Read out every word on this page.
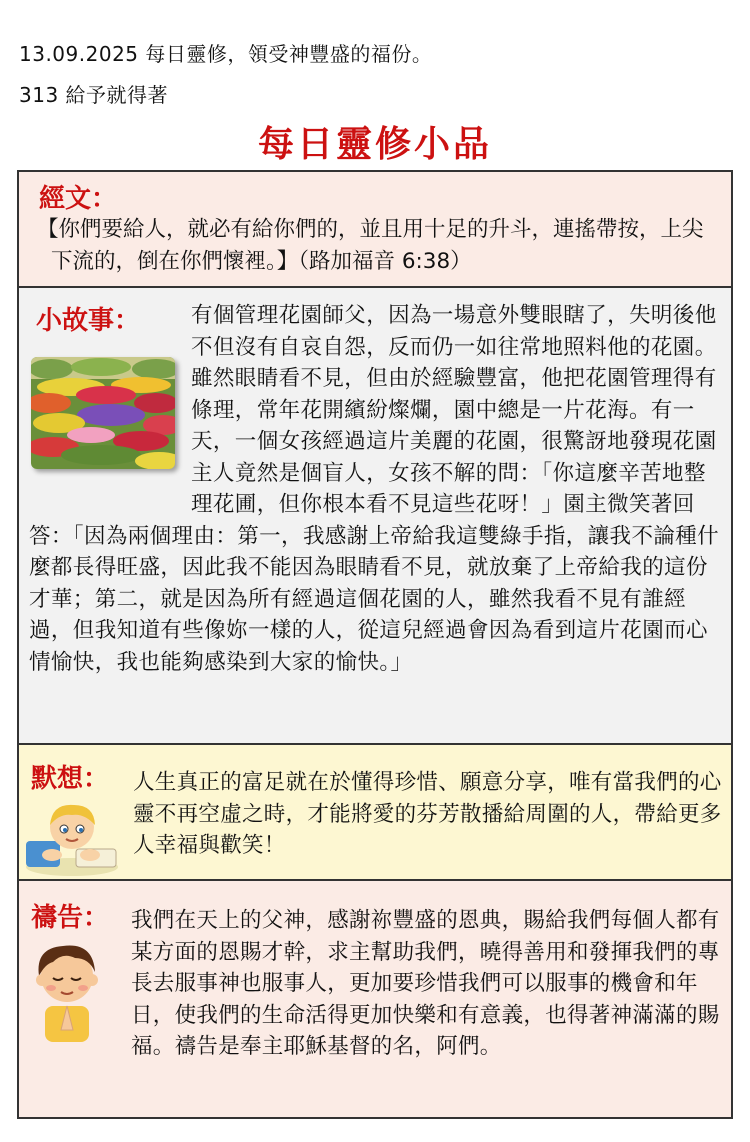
13.09.2025 每日靈修，領受神豐盛的福份。
313 給予就得著
每日靈修小品
經文：

【你們要給人，就必有給你們的，並且用十足的升斗，連搖帶按，上尖下流的，倒在你們懷裡。】（路加福音 6:38）

有個管理花園師父，因為一場意外雙眼瞎了，失明後他不但沒有自哀自怨，反而仍一如往常地照料他的花園。雖然眼睛看不見，但由於經驗豐富，他把花園管理得有條理，常年花開繽紛燦爛，園中總是一片花海。有一天，一個女孩經過這片美麗的花園，很驚訝地發現花園主人竟然是個盲人，女孩不解的問：「你這麼辛苦地整理花圃，但你根本看不見這些花呀！」園主微笑著回答：「因為兩個理由：第一，我感謝上帝給我這雙綠手指，讓我不論種什麼都長得旺盛，因此我不能因為眼睛看不見，就放棄了上帝給我的這份才華；第二，就是因為所有經過這個花園的人，雖然我看不見有誰經過，但我知道有些像妳一樣的人，從這兒經過會因為看到這片花園而心情愉快，我也能夠感染到大家的愉快。」

小故事：
默想： 人生真正的富足就在於懂得珍惜、願意分享，唯有當我們的心靈不再空虛之時，才能將愛的芬芳散播給周圍的人，帶給更多人幸福與歡笑！

禱告： 我們在天上的父神，感謝祢豐盛的恩典，賜給我們每個人都有某方面的恩賜才幹，求主幫助我們，曉得善用和發揮我們的專長去服事神也服事人，更加要珍惜我們可以服事的機會和年日，使我們的生命活得更加快樂和有意義，也得著神滿滿的賜福。禱告是奉主耶穌基督的名，阿們。
